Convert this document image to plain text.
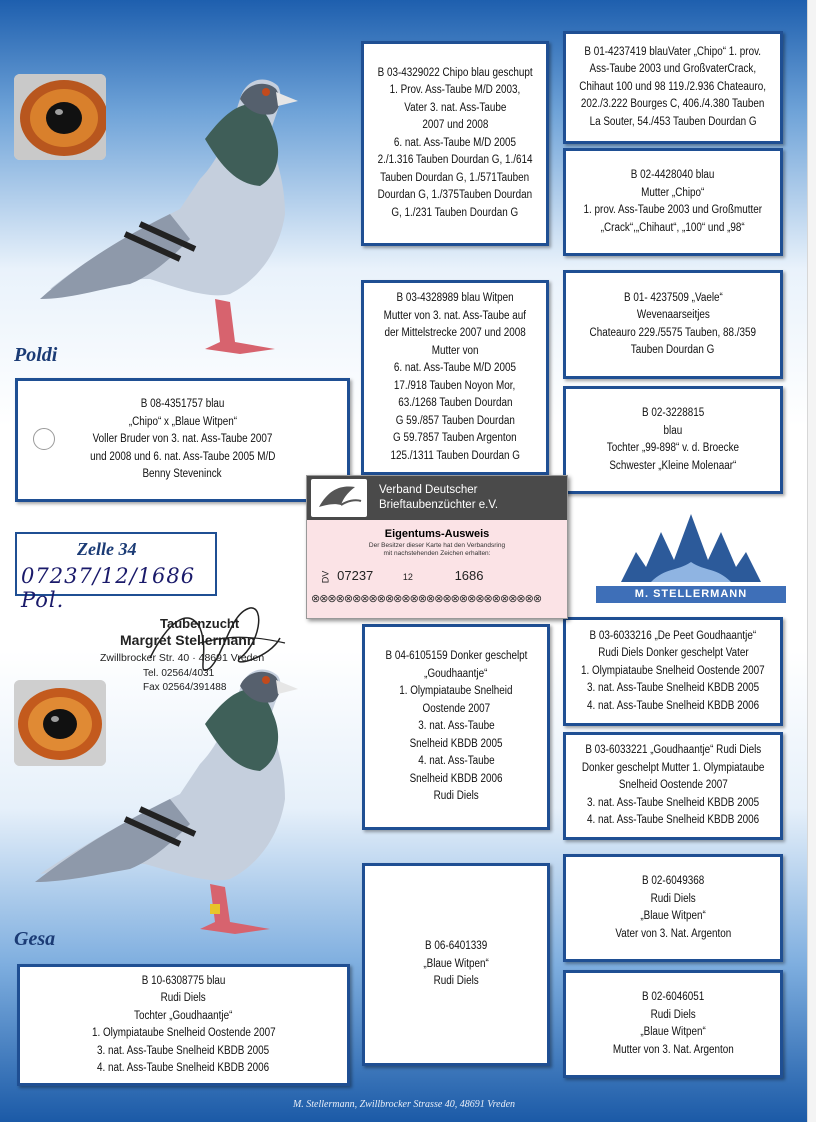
Poldi
Gesa
B 08-4351757 blau
„Chipo“ x „Blaue Witpen“
Voller Bruder von 3. nat. Ass-Taube 2007
und 2008 und 6. nat. Ass-Taube 2005 M/D
Benny Steveninck
B 10-6308775 blau
Rudi Diels
Tochter „Goudhaantje“
1. Olympiataube Snelheid Oostende 2007
3. nat. Ass-Taube Snelheid KBDB 2005
4. nat. Ass-Taube Snelheid KBDB 2006
B 03-4329022 Chipo blau geschupt
1. Prov. Ass-Taube M/D 2003,
Vater 3. nat. Ass-Taube
2007 und 2008
6. nat. Ass-Taube M/D 2005
2./1.316 Tauben Dourdan G, 1./614
Tauben Dourdan G, 1./571Tauben
Dourdan G, 1./375Tauben Dourdan
G, 1./231 Tauben Dourdan G
B 03-4328989 blau Witpen
Mutter von 3. nat. Ass-Taube auf
der Mittelstrecke 2007 und 2008
Mutter von
6. nat. Ass-Taube M/D 2005
17./918 Tauben Noyon Mor,
63./1268 Tauben Dourdan
G 59./857 Tauben Dourdan
G 59.7857 Tauben Argenton
125./1311 Tauben Dourdan G
B 04-6105159 Donker geschelpt
„Goudhaantje“
1. Olympiataube Snelheid
Oostende 2007
3. nat. Ass-Taube
Snelheid KBDB 2005
4. nat. Ass-Taube
Snelheid KBDB 2006
Rudi Diels
B 06-6401339
„Blaue Witpen“
Rudi Diels
B 01-4237419 blauVater „Chipo“ 1. prov.
Ass-Taube 2003 und GroßvaterCrack,
Chihaut 100 und 98 119./2.936 Chateauro,
202./3.222 Bourges C, 406./4.380 Tauben
La Souter, 54./453 Tauben Dourdan G
B 02-4428040 blau
Mutter „Chipo“
1. prov. Ass-Taube 2003 und Großmutter
„Crack“,„Chihaut“, „100“ und „98“
B 01- 4237509 „Vaele“
Wevenaarseitjes
Chateauro 229./5575 Tauben, 88./359
Tauben Dourdan G
B 02-3228815
blau
Tochter „99-898“ v. d. Broecke
Schwester „Kleine Molenaar“
B 03-6033216 „De Peet Goudhaantje“
Rudi Diels Donker geschelpt Vater
1. Olympiataube Snelheid Oostende 2007
3. nat. Ass-Taube Snelheid KBDB 2005
4. nat. Ass-Taube Snelheid KBDB 2006
B 03-6033221 „Goudhaantje“ Rudi Diels
Donker geschelpt Mutter 1. Olympiataube
Snelheid Oostende 2007
3. nat. Ass-Taube Snelheid KBDB 2005
4. nat. Ass-Taube Snelheid KBDB 2006
B 02-6049368
Rudi Diels
„Blaue Witpen“
Vater von 3. Nat. Argenton
B 02-6046051
Rudi Diels
„Blaue Witpen“
Mutter von 3. Nat. Argenton
Zelle 34
07237/12/1686 Pol.
Taubenzucht
Margret Stellermann
Zwillbrocker Str. 40 · 48691 Vreden
Tel. 02564/4031
Fax 02564/391488
Verband Deutscher
Brieftaubenzüchter e.V.
Eigentums-Ausweis
Der Besitzer dieser Karte hat den Verbandsring
mit nachstehenden Zeichen erhalten:
DV 07237	12	1686
⊗⊗⊗⊗⊗⊗⊗⊗⊗⊗⊗⊗⊗⊗⊗⊗⊗⊗⊗⊗⊗⊗⊗⊗⊗⊗⊗⊗	M. STELLERMANN
M. Stellermann, Zwillbrocker Strasse 40, 48691 Vreden
